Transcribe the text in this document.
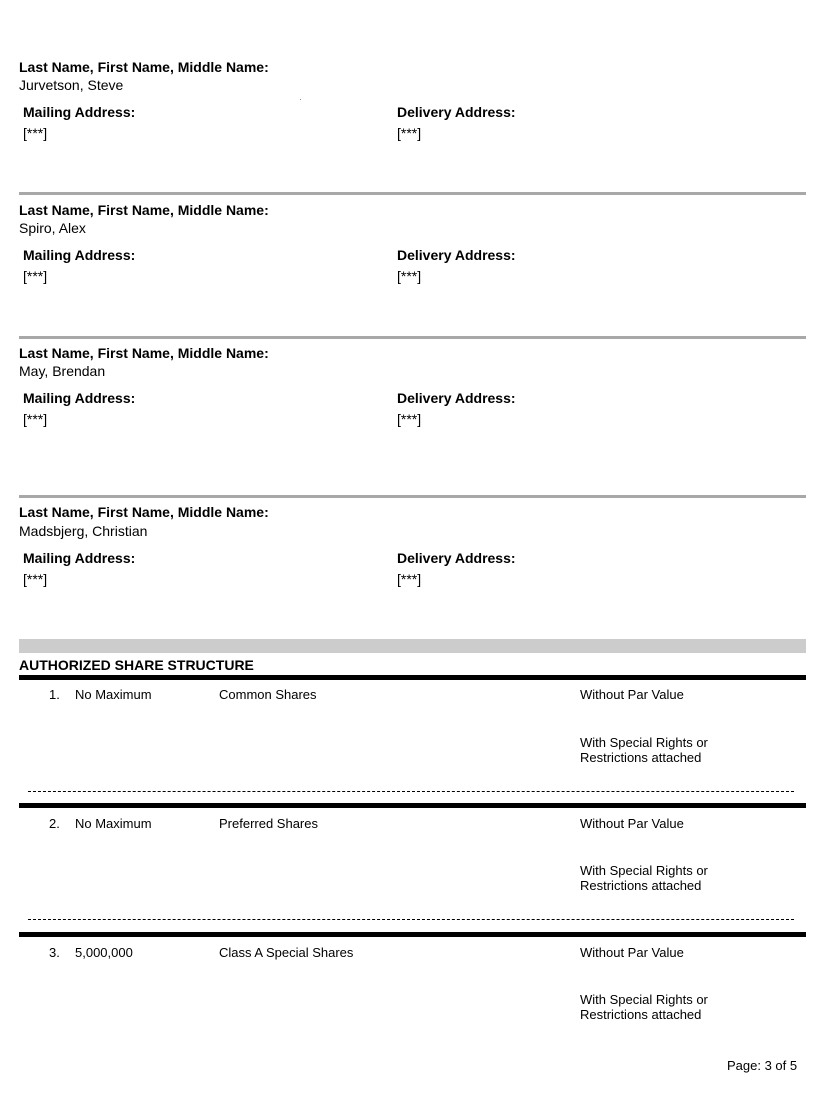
Last Name, First Name, Middle Name:
Jurvetson, Steve
Mailing Address:
[***]
Delivery Address:
[***]
Last Name, First Name, Middle Name:
Spiro, Alex
Mailing Address:
[***]
Delivery Address:
[***]
Last Name, First Name, Middle Name:
May, Brendan
Mailing Address:
[***]
Delivery Address:
[***]
Last Name, First Name, Middle Name:
Madsbjerg, Christian
Mailing Address:
[***]
Delivery Address:
[***]
AUTHORIZED SHARE STRUCTURE
1. No Maximum	Common Shares	Without Par Value
With Special Rights or
Restrictions attached
2. No Maximum	Preferred Shares	Without Par Value
With Special Rights or
Restrictions attached
3. 5,000,000	Class A Special Shares	Without Par Value
With Special Rights or
Restrictions attached
Page: 3 of 5
